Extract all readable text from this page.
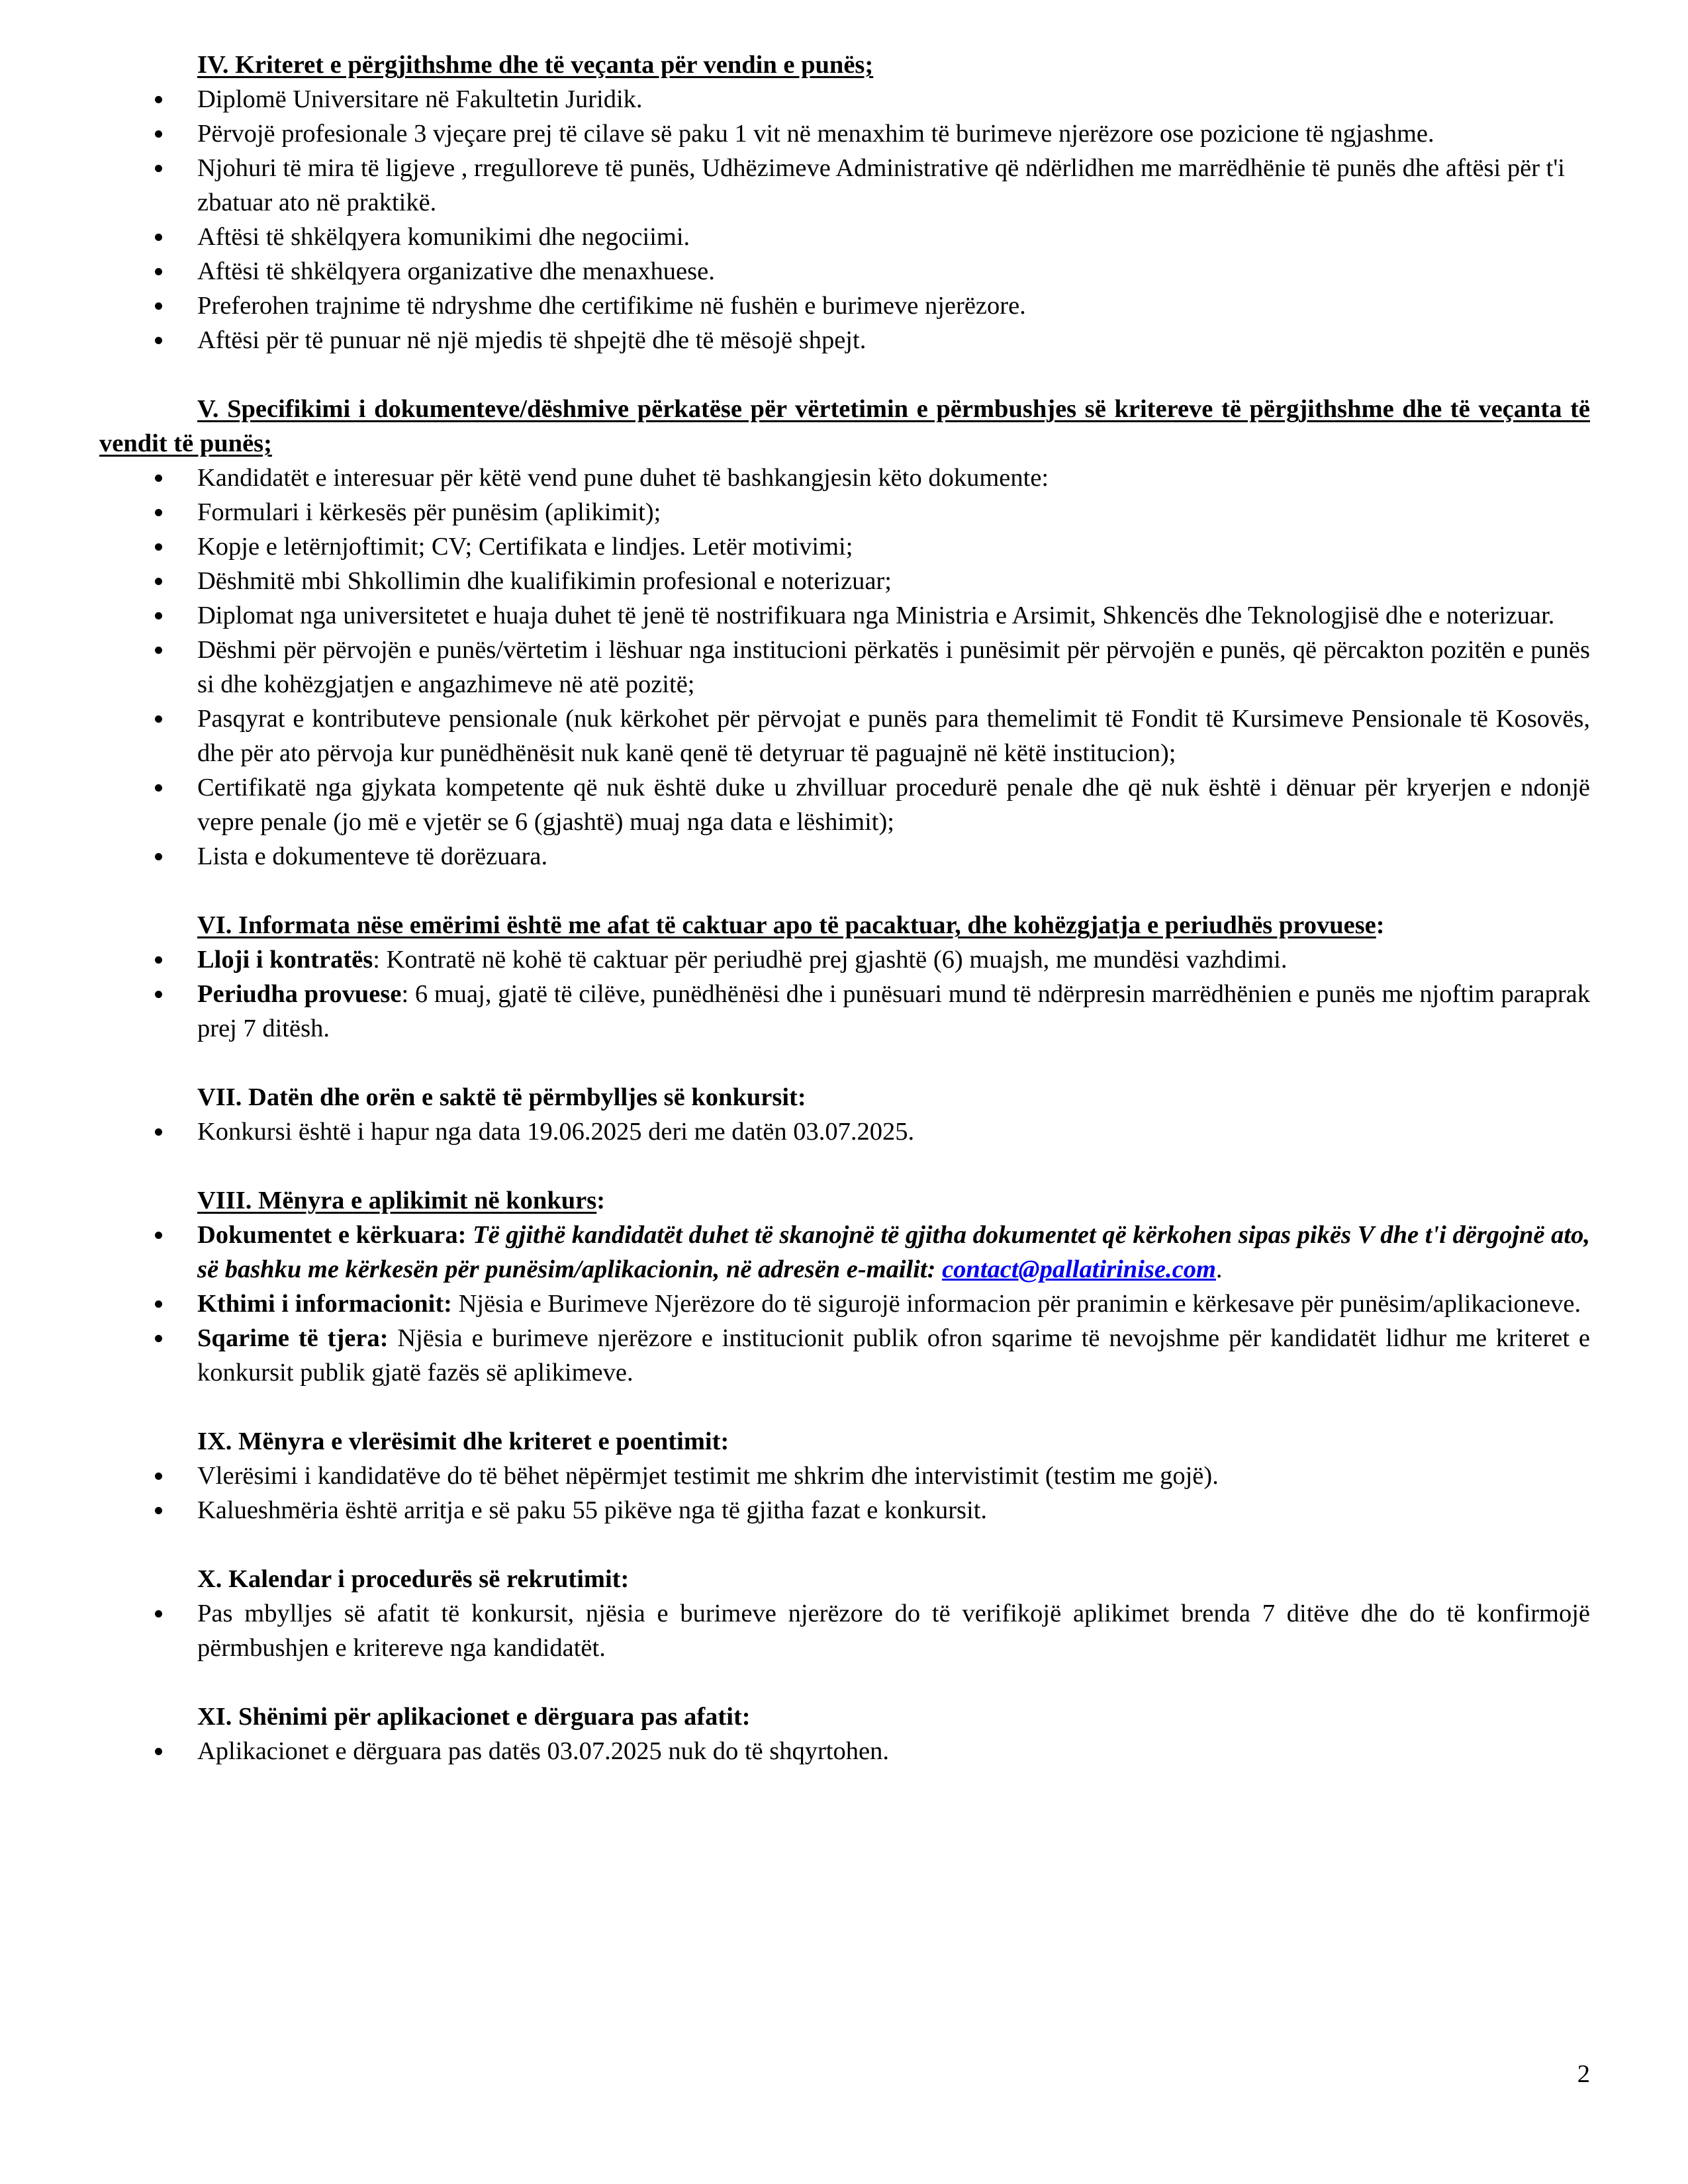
IV. Kriteret e përgjithshme dhe të veçanta për vendin e punës;

Diplomë Universitare në Fakultetin Juridik.
Përvojë profesionale 3 vjeçare prej të cilave së paku 1 vit në menaxhim të burimeve njerëzore ose pozicione të ngjashme.
Njohuri të mira të ligjeve , rregulloreve të punës, Udhëzimeve Administrative që ndërlidhen me marrëdhënie të punës dhe aftësi për t'i zbatuar ato në praktikë.
Aftësi të shkëlqyera komunikimi dhe negociimi.
Aftësi të shkëlqyera organizative dhe menaxhuese.
Preferohen trajnime të ndryshme dhe certifikime në fushën e burimeve njerëzore.
Aftësi për të punuar në një mjedis të shpejtë dhe të mësojë shpejt.

V. Specifikimi i dokumenteve/dëshmive përkatëse për vërtetimin e përmbushjes së kritereve të përgjithshme dhe të veçanta të vendit të punës;

Kandidatët e interesuar për këtë vend pune duhet të bashkangjesin këto dokumente:
Formulari i kërkesës për punësim (aplikimit);
Kopje e letërnjoftimit; CV; Certifikata e lindjes. Letër motivimi;
Dëshmitë mbi Shkollimin dhe kualifikimin profesional e noterizuar;
Diplomat nga universitetet e huaja duhet të jenë të nostrifikuara nga Ministria e Arsimit, Shkencës dhe Teknologjisë dhe e noterizuar.
Dëshmi për përvojën e punës/vërtetim i lëshuar nga institucioni përkatës i punësimit për përvojën e punës, që përcakton pozitën e punës si dhe kohëzgjatjen e angazhimeve në atë pozitë;
Pasqyrat e kontributeve pensionale (nuk kërkohet për përvojat e punës para themelimit të Fondit të Kursimeve Pensionale të Kosovës, dhe për ato përvoja kur punëdhënësit nuk kanë qenë të detyruar të paguajnë në këtë institucion);
Certifikatë nga gjykata kompetente që nuk është duke u zhvilluar procedurë penale dhe që nuk është i dënuar për kryerjen e ndonjë vepre penale (jo më e vjetër se 6 (gjashtë) muaj nga data e lëshimit);
Lista e dokumenteve të dorëzuara.

VI. Informata nëse emërimi është me afat të caktuar apo të pacaktuar, dhe kohëzgjatja e periudhës provuese:

Lloji i kontratës: Kontratë në kohë të caktuar për periudhë prej gjashtë (6) muajsh, me mundësi vazhdimi.
Periudha provuese: 6 muaj, gjatë të cilëve, punëdhënësi dhe i punësuari mund të ndërpresin marrëdhënien e punës me njoftim paraprak prej 7 ditësh.

VII. Datën dhe orën e saktë të përmbylljes së konkursit:

Konkursi është i hapur nga data 19.06.2025 deri me datën 03.07.2025.

VIII. Mënyra e aplikimit në konkurs:

Dokumentet e kërkuara: Të gjithë kandidatët duhet të skanojnë të gjitha dokumentet që kërkohen sipas pikës V dhe t'i dërgojnë ato, së bashku me kërkesën për punësim/aplikacionin, në adresën e-mailit: contact@pallatirinise.com.
Kthimi i informacionit: Njësia e Burimeve Njerëzore do të sigurojë informacion për pranimin e kërkesave për punësim/aplikacioneve.
Sqarime të tjera: Njësia e burimeve njerëzore e institucionit publik ofron sqarime të nevojshme për kandidatët lidhur me kriteret e konkursit publik gjatë fazës së aplikimeve.

IX. Mënyra e vlerësimit dhe kriteret e poentimit:

Vlerësimi i kandidatëve do të bëhet nëpërmjet testimit me shkrim dhe intervistimit (testim me gojë).
Kalueshmëria është arritja e së paku 55 pikëve nga të gjitha fazat e konkursit.

X. Kalendar i procedurës së rekrutimit:

Pas mbylljes së afatit të konkursit, njësia e burimeve njerëzore do të verifikojë aplikimet brenda 7 ditëve dhe do të konfirmojë përmbushjen e kritereve nga kandidatët.

XI. Shënimi për aplikacionet e dërguara pas afatit:

Aplikacionet e dërguara pas datës 03.07.2025 nuk do të shqyrtohen.
2
